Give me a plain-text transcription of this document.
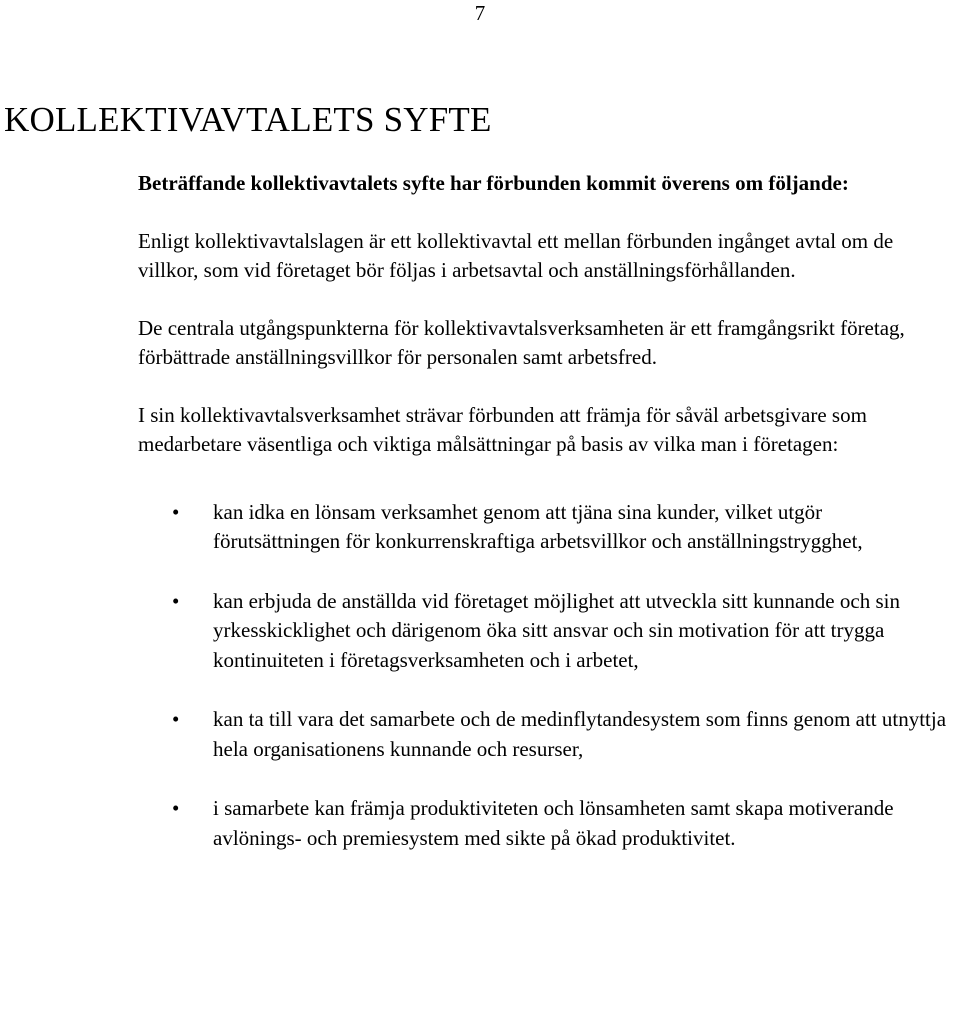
7
KOLLEKTIVAVTALETS SYFTE

Beträffande kollektivavtalets syfte har förbunden kommit överens om följande:

Enligt kollektivavtalslagen är ett kollektivavtal ett mellan förbunden ingånget avtal om de villkor, som vid företaget bör följas i arbetsavtal och anställningsförhållanden.

De centrala utgångspunkterna för kollektivavtalsverksamheten är ett framgångsrikt företag, förbättrade anställningsvillkor för personalen samt arbetsfred.

I sin kollektivavtalsverksamhet strävar förbunden att främja för såväl arbetsgivare som medarbetare väsentliga och viktiga målsättningar på basis av vilka man i företagen:

• kan idka en lönsam verksamhet genom att tjäna sina kunder, vilket utgör förutsättningen för konkurrenskraftiga arbetsvillkor och anställningstrygghet,
• kan erbjuda de anställda vid företaget möjlighet att utveckla sitt kunnande och sin yrkesskicklighet och därigenom öka sitt ansvar och sin motivation för att trygga kontinuiteten i företagsverksamheten och i arbetet,
• kan ta till vara det samarbete och de medinflytandesystem som finns genom att utnyttja hela organisationens kunnande och resurser,
• i samarbete kan främja produktiviteten och lönsamheten samt skapa motiverande avlönings- och premiesystem med sikte på ökad produktivitet.
